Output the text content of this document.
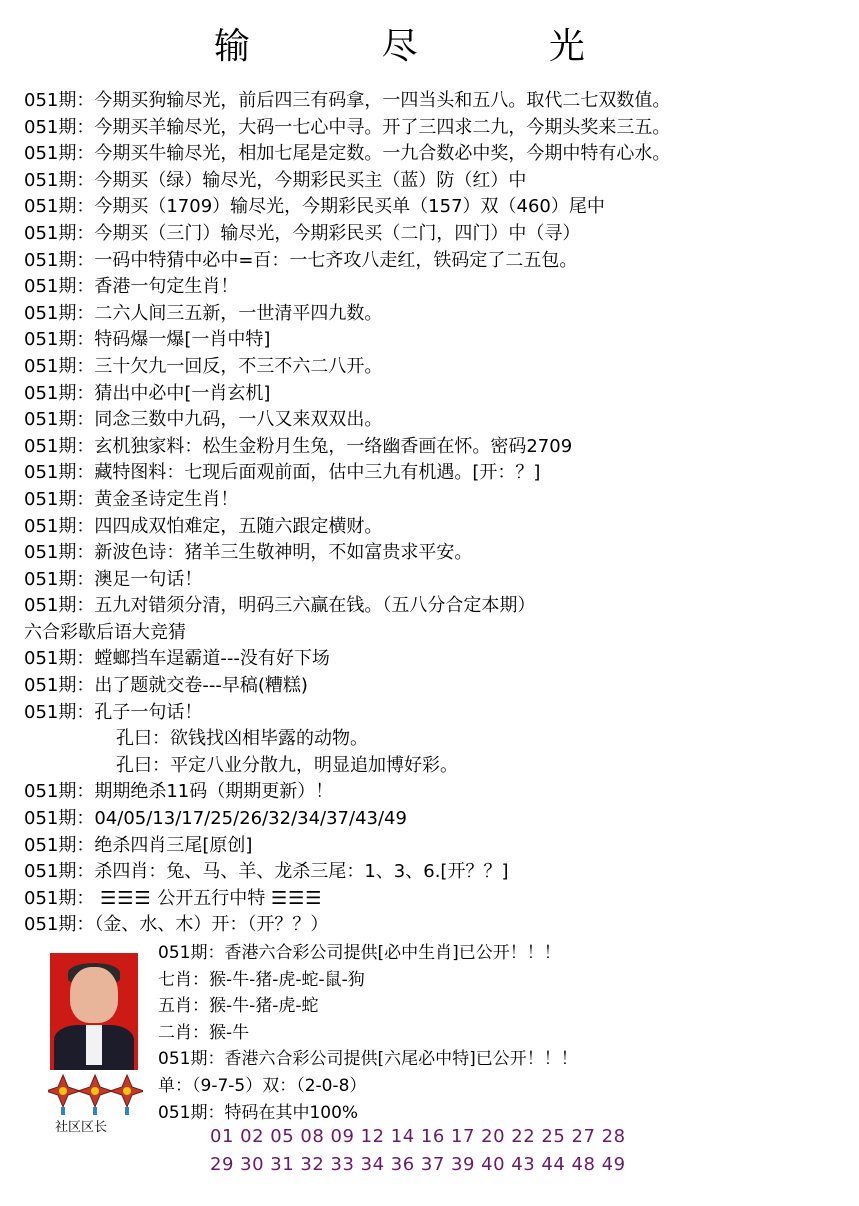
输 尽 光
051期：今期买狗输尽光，前后四三有码拿，一四当头和五八。取代二七双数值。
051期：今期买羊输尽光，大码一七心中寻。开了三四求二九，今期头奖来三五。
051期：今期买牛输尽光，相加七尾是定数。一九合数必中奖，今期中特有心水。
051期：今期买（绿）输尽光，今期彩民买主（蓝）防（红）中
051期：今期买（1709）输尽光，今期彩民买单（157）双（460）尾中
051期：今期买（三门）输尽光，今期彩民买（二门，四门）中（寻）
051期：一码中特猜中必中=百：一七齐攻八走红，铁码定了二五包。
051期：香港一句定生肖！
051期：二六人间三五新，一世清平四九数。
051期：特码爆一爆[一肖中特]
051期：三十欠九一回反，不三不六二八开。
051期：猜出中必中[一肖玄机]
051期：同念三数中九码，一八又来双双出。
051期：玄机独家料：松生金粉月生兔，一络幽香画在怀。密码2709
051期：藏特图料：七现后面观前面，估中三九有机遇。[开：？]
051期：黄金圣诗定生肖！
051期：四四成双怕难定，五随六跟定横财。
051期：新波色诗：猪羊三生敬神明，不如富贵求平安。
051期：澳足一句话！
051期：五九对错须分清，明码三六赢在钱。（五八分合定本期）
六合彩歇后语大竞猜
051期：螳螂挡车逞霸道---没有好下场
051期：出了题就交卷---早稿(糟糕)
051期：孔子一句话！
孔曰：欲钱找凶相毕露的动物。
孔曰：平定八业分散九，明显追加博好彩。
051期：期期绝杀11码（期期更新）！
051期：04/05/13/17/25/26/32/34/37/43/49
051期：绝杀四肖三尾[原创]
051期：杀四肖：兔、马、羊、龙杀三尾：1、3、6.[开？？]
051期： ☰☰☰ 公开五行中特 ☰☰☰
051期：（金、水、木）开：（开？？）
社区区长
051期：香港六合彩公司提供[必中生肖]已公开！！！
七肖：猴-牛-猪-虎-蛇-鼠-狗
五肖：猴-牛-猪-虎-蛇
二肖：猴-牛
051期：香港六合彩公司提供[六尾必中特]已公开！！！
单：（9-7-5）双：（2-0-8）
051期：特码在其中100%
01 02 05 08 09 12 14 16 17 20 22 25 27 28
29 30 31 32 33 34 36 37 39 40 43 44 48 49
